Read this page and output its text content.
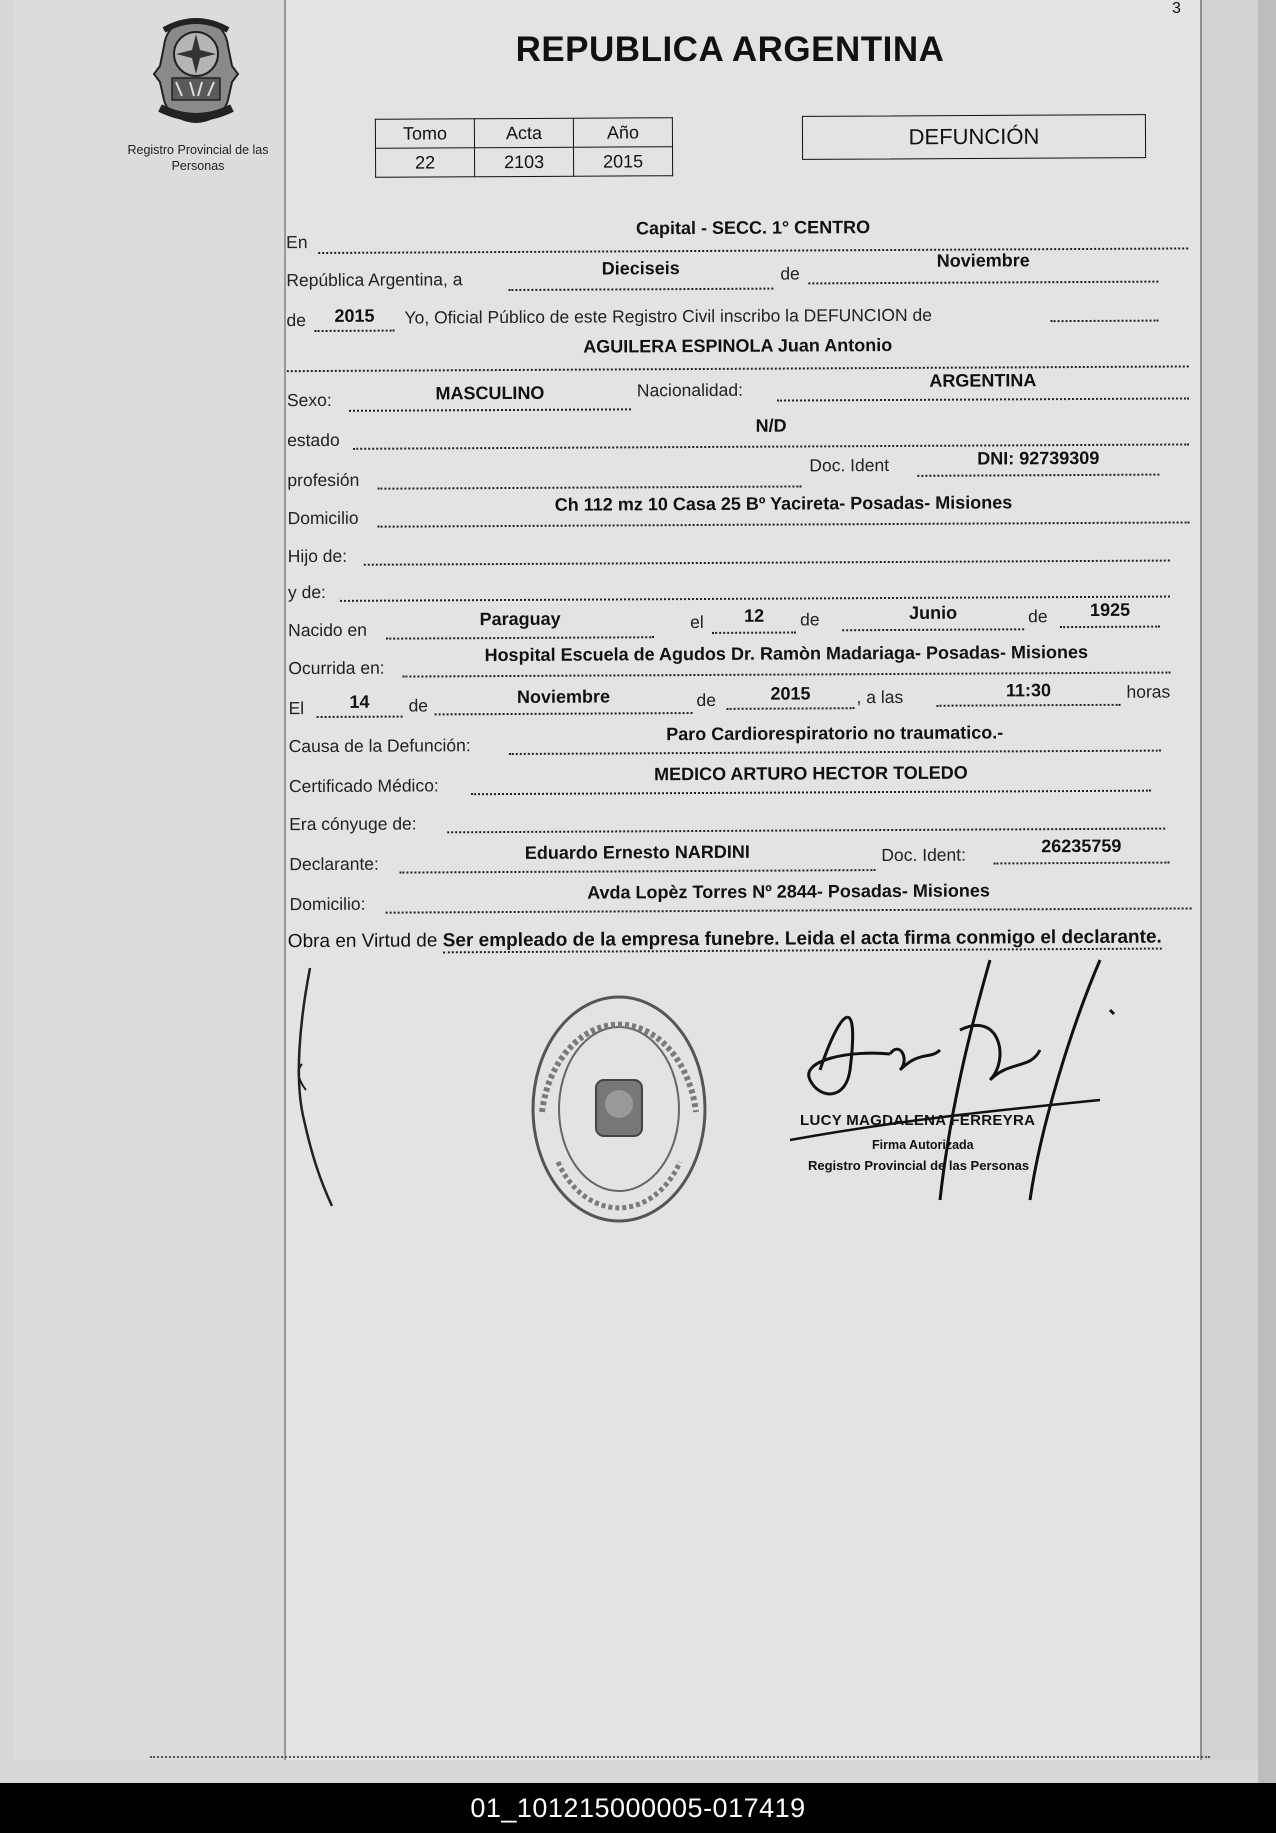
3
Registro Provincial de las Personas
REPUBLICA ARGENTINA
Tomo	Acta	Año
22	2103	2015
DEFUNCIÓN
En
Capital - SECC. 1° CENTRO
República Argentina, a
Dieciseis	de
Noviembre
de	2015	Yo, Oficial Público de este Registro Civil inscribo la DEFUNCION de
AGUILERA ESPINOLA Juan Antonio
Sexo:	MASCULINO	Nacionalidad:	ARGENTINA
estado
N/D
profesión
Doc. Ident	DNI: 92739309
Domicilio
Ch 112 mz 10 Casa 25 Bº Yacireta- Posadas- Misiones
Hijo de:
y de:
Nacido en
Paraguay	el	12	de	Junio	de	1925
Ocurrida en:
Hospital Escuela de Agudos Dr. Ramòn Madariaga- Posadas- Misiones
El	14	de	Noviembre	de	2015	, a las	11:30	horas
Causa de la Defunción:
Paro Cardiorespiratorio no traumatico.-
Certificado Médico:
MEDICO ARTURO HECTOR TOLEDO
Era cónyuge de:
Declarante:
Eduardo Ernesto NARDINI	Doc. Ident:	26235759
Domicilio:
Avda Lopèz Torres Nº 2844- Posadas- Misiones
Obra en Virtud de Ser empleado de la empresa funebre. Leida el acta firma conmigo el declarante.
LUCY MAGDALENA FERREYRA
Firma Autorizada
Registro Provincial de las Personas
01_101215000005-017419
